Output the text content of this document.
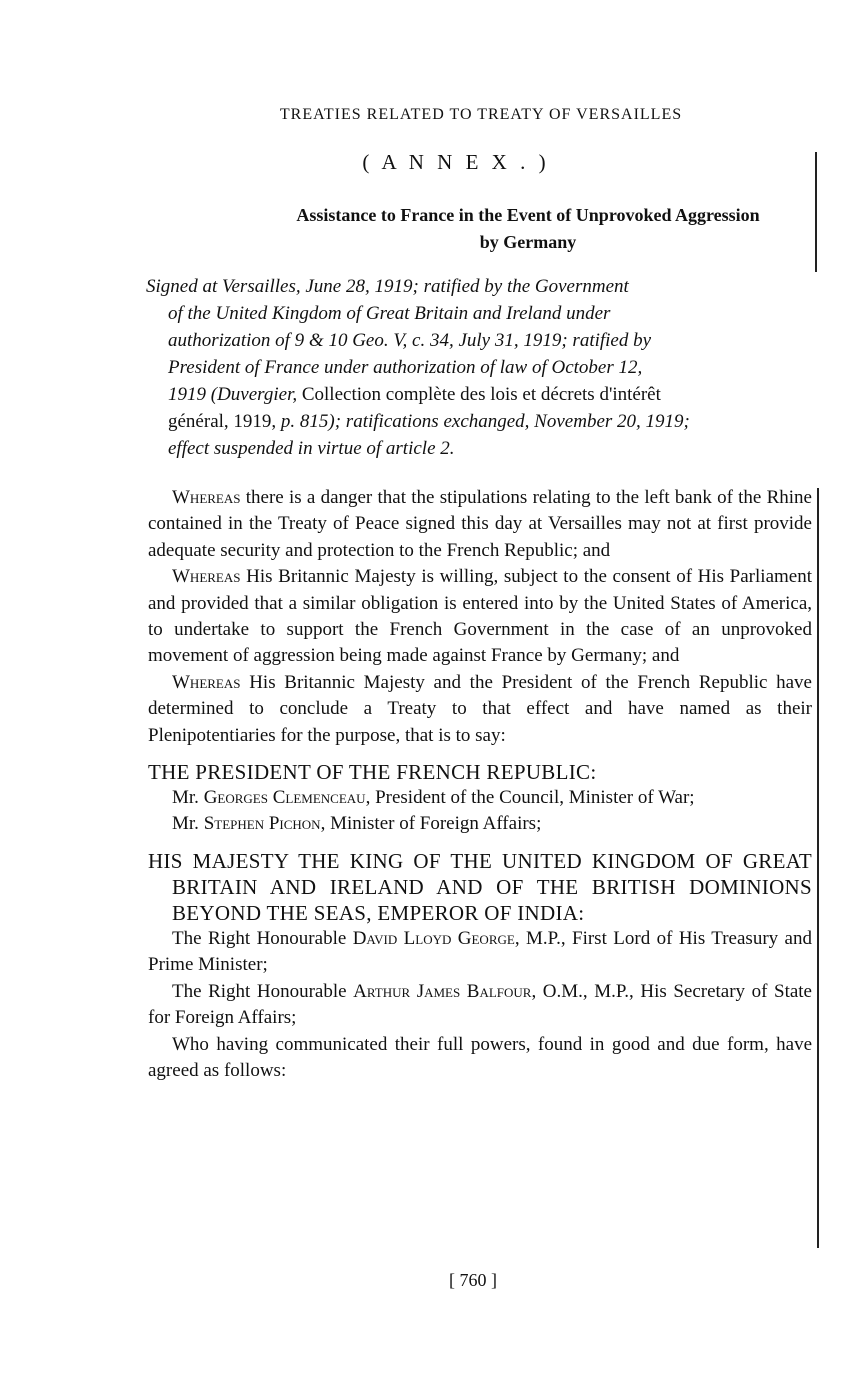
TREATIES RELATED TO TREATY OF VERSAILLES
( A N N E X . )
Assistance to France in the Event of Unprovoked Aggression
by Germany
Signed at Versailles, June 28, 1919; ratified by the Government
of the United Kingdom of Great Britain and Ireland under
authorization of 9 & 10 Geo. V, c. 34, July 31, 1919; ratified by
President of France under authorization of law of October 12,
1919 (Duvergier, Collection complète des lois et décrets d'intérêt
général, 1919, p. 815); ratifications exchanged, November 20, 1919;
effect suspended in virtue of article 2.

Whereas there is a danger that the stipulations relating to the left bank of the Rhine contained in the Treaty of Peace signed this day at Versailles may not at first provide adequate security and protection to the French Republic; and

Whereas His Britannic Majesty is willing, subject to the consent of His Parliament and provided that a similar obligation is entered into by the United States of America, to undertake to support the French Government in the case of an unprovoked movement of aggression being made against France by Germany; and

Whereas His Britannic Majesty and the President of the French Republic have determined to conclude a Treaty to that effect and have named as their Plenipotentiaries for the purpose, that is to say:

THE PRESIDENT OF THE FRENCH REPUBLIC:

Mr. Georges Clemenceau, President of the Council, Minister of War;

Mr. Stephen Pichon, Minister of Foreign Affairs;

HIS MAJESTY THE KING OF THE UNITED KINGDOM OF GREAT BRITAIN AND IRELAND AND OF THE BRITISH DOMINIONS BEYOND THE SEAS, EMPEROR OF INDIA:

The Right Honourable David Lloyd George, M.P., First Lord of His Treasury and Prime Minister;

The Right Honourable Arthur James Balfour, O.M., M.P., His Secretary of State for Foreign Affairs;

Who having communicated their full powers, found in good and due form, have agreed as follows:

[ 760 ]
